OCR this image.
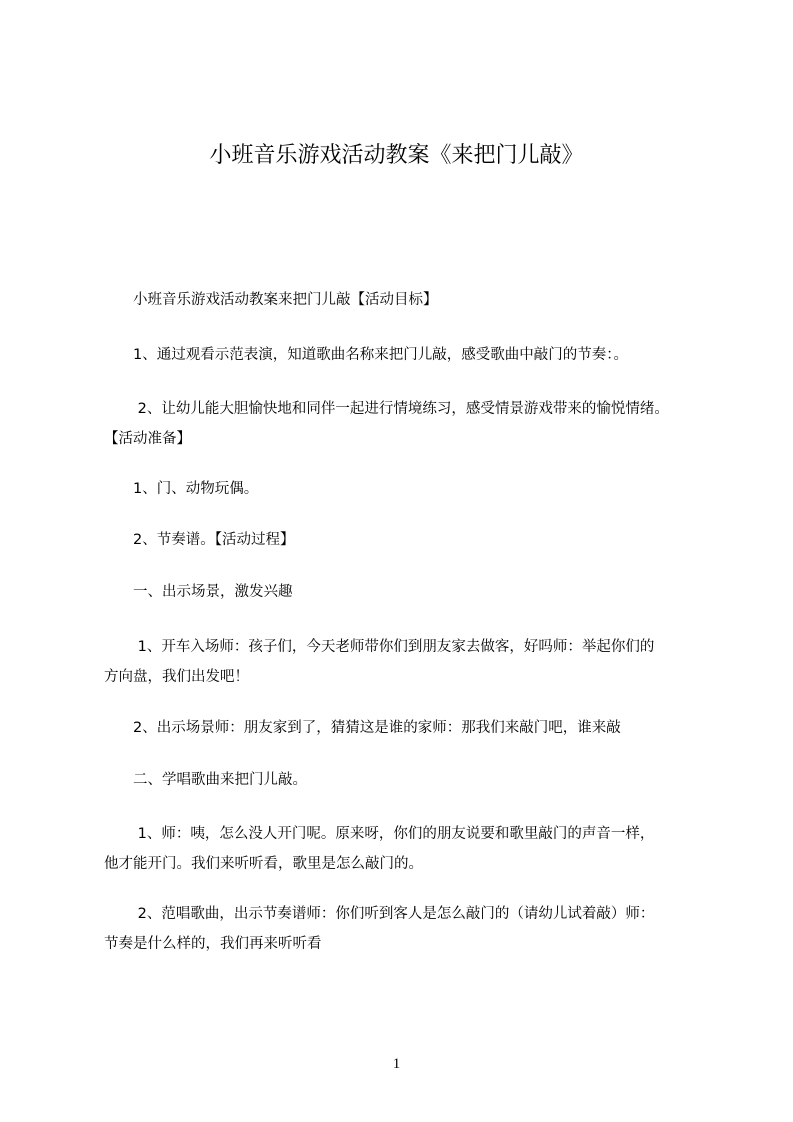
小班音乐游戏活动教案《来把门儿敲》
　　小班音乐游戏活动教案来把门儿敲【活动目标】
　　1、通过观看示范表演，知道歌曲名称来把门儿敲，感受歌曲中敲门的节奏：。
　　 2、让幼儿能大胆愉快地和同伴一起进行情境练习，感受情景游戏带来的愉悦情绪。
【活动准备】
　　1、门、动物玩偶。
　　2、节奏谱。【活动过程】
　　一、出示场景，激发兴趣
　　 1、开车入场师：孩子们，今天老师带你们到朋友家去做客，好吗师：举起你们的
方向盘，我们出发吧！
　　2、出示场景师：朋友家到了，猜猜这是谁的家师：那我们来敲门吧，谁来敲
　　二、学唱歌曲来把门儿敲。
　　 1、师：咦，怎么没人开门呢。原来呀，你们的朋友说要和歌里敲门的声音一样，
他才能开门。我们来听听看，歌里是怎么敲门的。
　　 2、范唱歌曲，出示节奏谱师：你们听到客人是怎么敲门的（请幼儿试着敲）师：
节奏是什么样的，我们再来听听看
1
